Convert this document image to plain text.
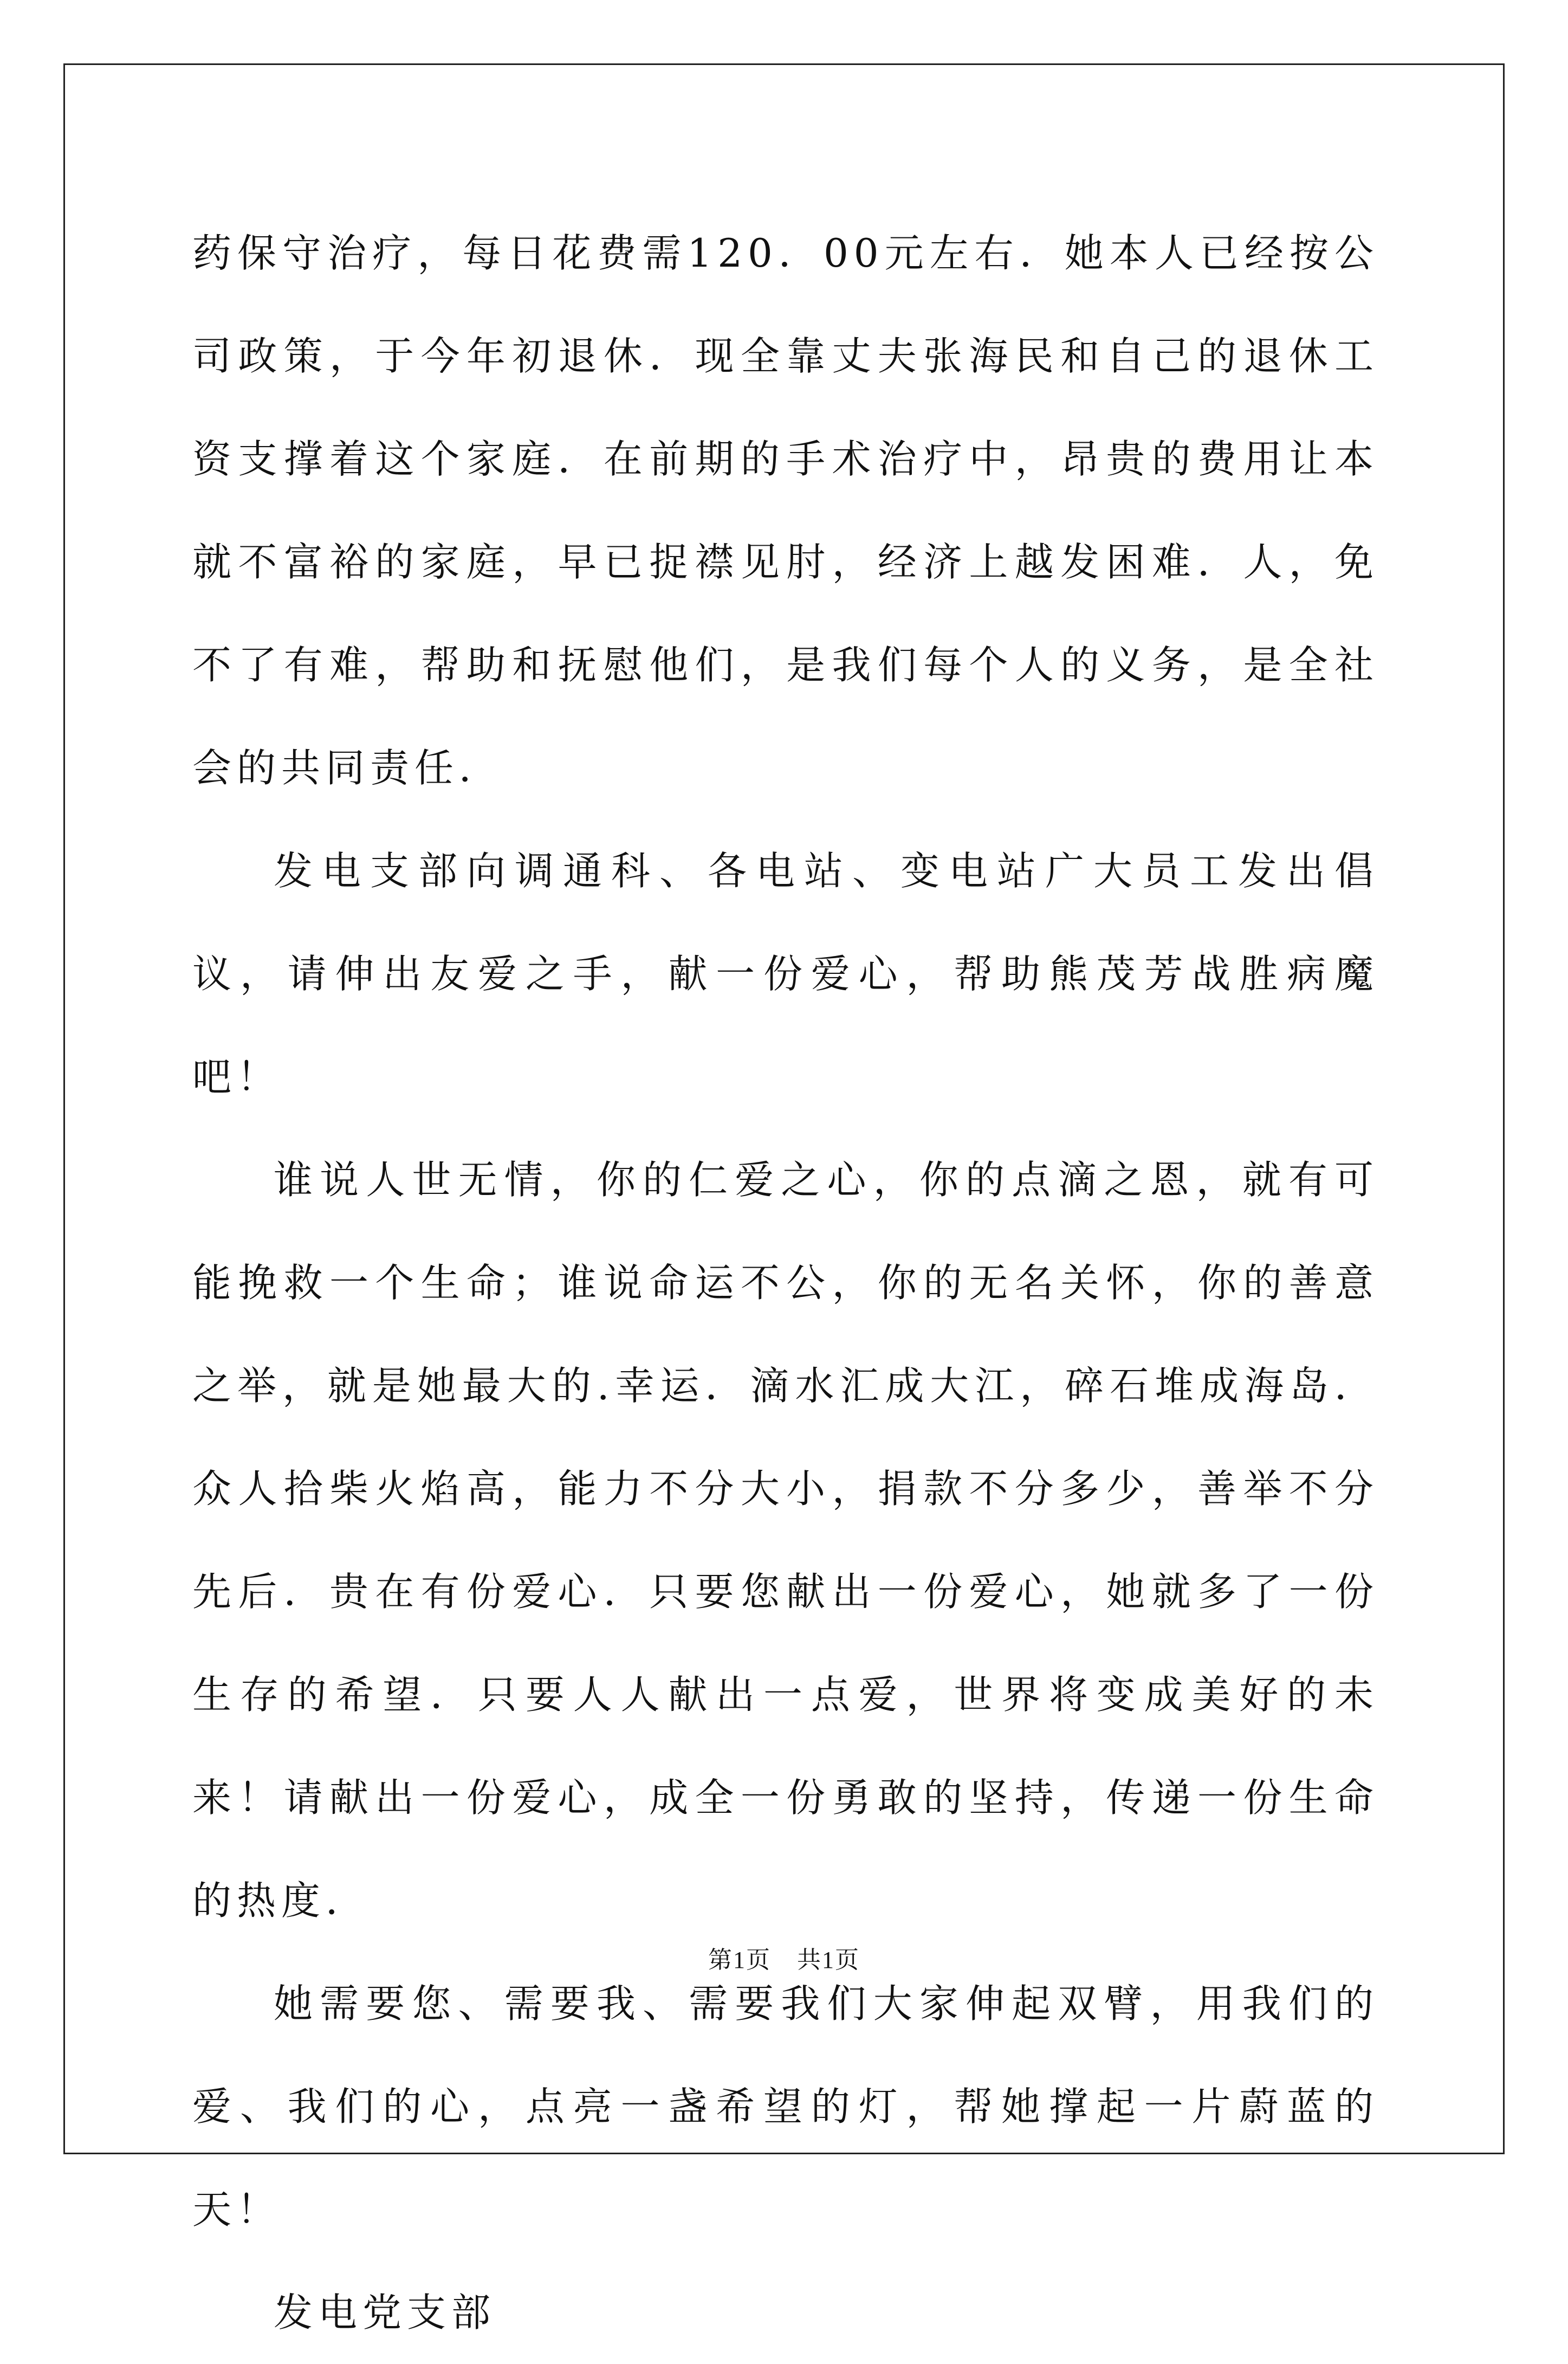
药保守治疗，每日花费需120．00元左右．她本人已经按公司政策，于今年初退休．现全靠丈夫张海民和自己的退休工资支撑着这个家庭．在前期的手术治疗中，昂贵的费用让本就不富裕的家庭，早已捉襟见肘，经济上越发困难．人，免不了有难，帮助和抚慰他们，是我们每个人的义务，是全社会的共同责任．

发电支部向调通科、各电站、变电站广大员工发出倡议，请伸出友爱之手，献一份爱心，帮助熊茂芳战胜病魔吧！

谁说人世无情，你的仁爱之心，你的点滴之恩，就有可能挽救一个生命；谁说命运不公，你的无名关怀，你的善意之举，就是她最大的.幸运．滴水汇成大江，碎石堆成海岛．众人拾柴火焰高，能力不分大小，捐款不分多少，善举不分先后．贵在有份爱心．只要您献出一份爱心，她就多了一份生存的希望．只要人人献出一点爱，世界将变成美好的未来！请献出一份爱心，成全一份勇敢的坚持，传递一份生命的热度．

她需要您、需要我、需要我们大家伸起双臂，用我们的爱、我们的心，点亮一盏希望的灯，帮她撑起一片蔚蓝的天！

发电党支部

第1页 共1页
